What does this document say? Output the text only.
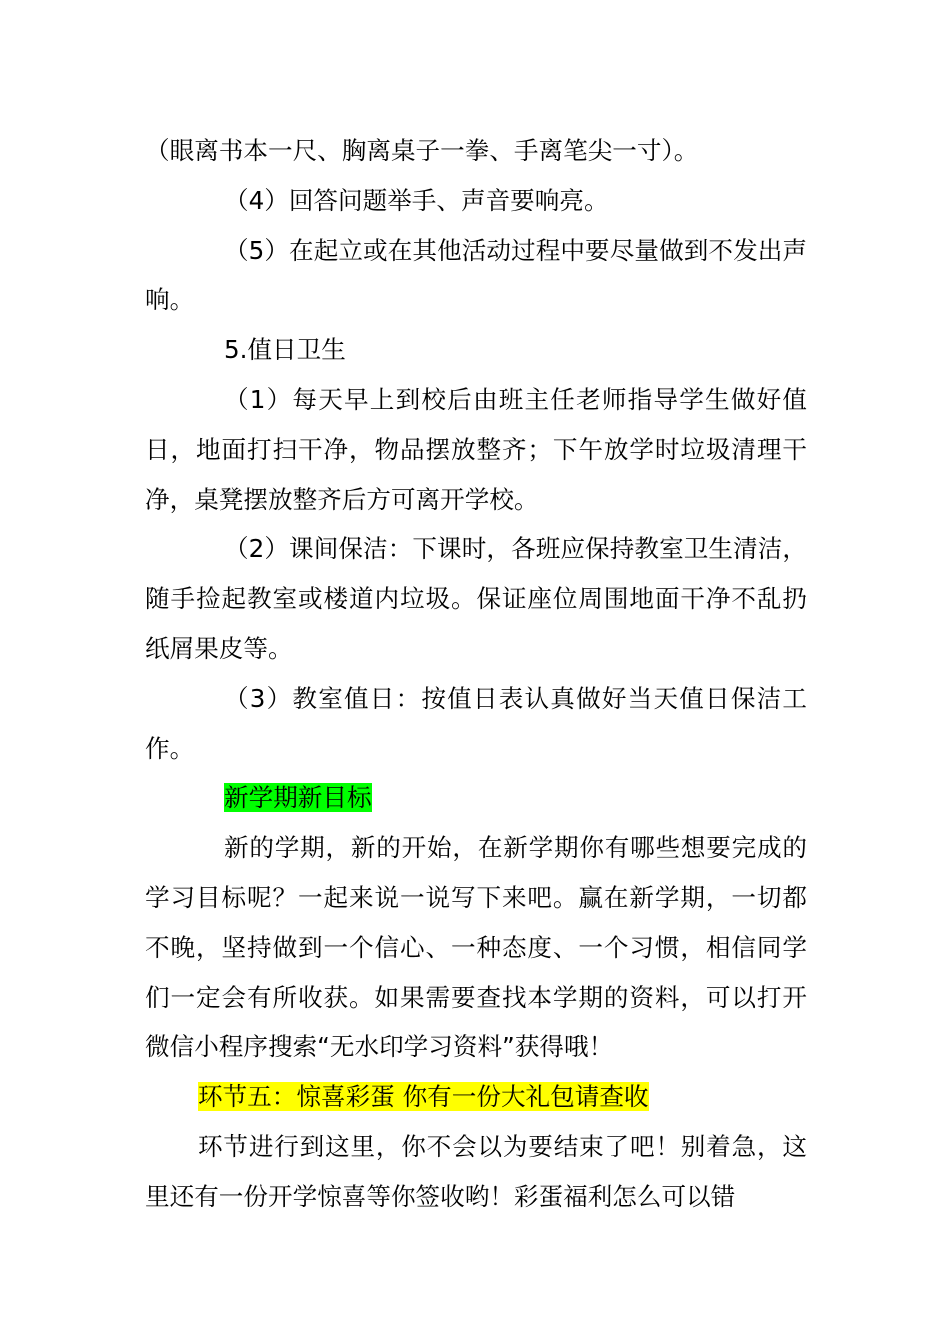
（眼离书本一尺、胸离桌子一拳、手离笔尖一寸）。

（4）回答问题举手、声音要响亮。

（5）在起立或在其他活动过程中要尽量做到不发出声响。

5.值日卫生

（1）每天早上到校后由班主任老师指导学生做好值日，地面打扫干净，物品摆放整齐；下午放学时垃圾清理干净，桌凳摆放整齐后方可离开学校。

（2）课间保洁：下课时，各班应保持教室卫生清洁，随手捡起教室或楼道内垃圾。保证座位周围地面干净不乱扔纸屑果皮等。

（3）教室值日：按值日表认真做好当天值日保洁工作。

新学期新目标

新的学期，新的开始，在新学期你有哪些想要完成的学习目标呢？一起来说一说写下来吧。赢在新学期，一切都不晚，坚持做到一个信心、一种态度、一个习惯，相信同学们一定会有所收获。如果需要查找本学期的资料，可以打开微信小程序搜索“无水印学习资料”获得哦！

环节五：惊喜彩蛋 你有一份大礼包请查收

环节进行到这里，你不会以为要结束了吧！别着急，这里还有一份开学惊喜等你签收哟！彩蛋福利怎么可以错
